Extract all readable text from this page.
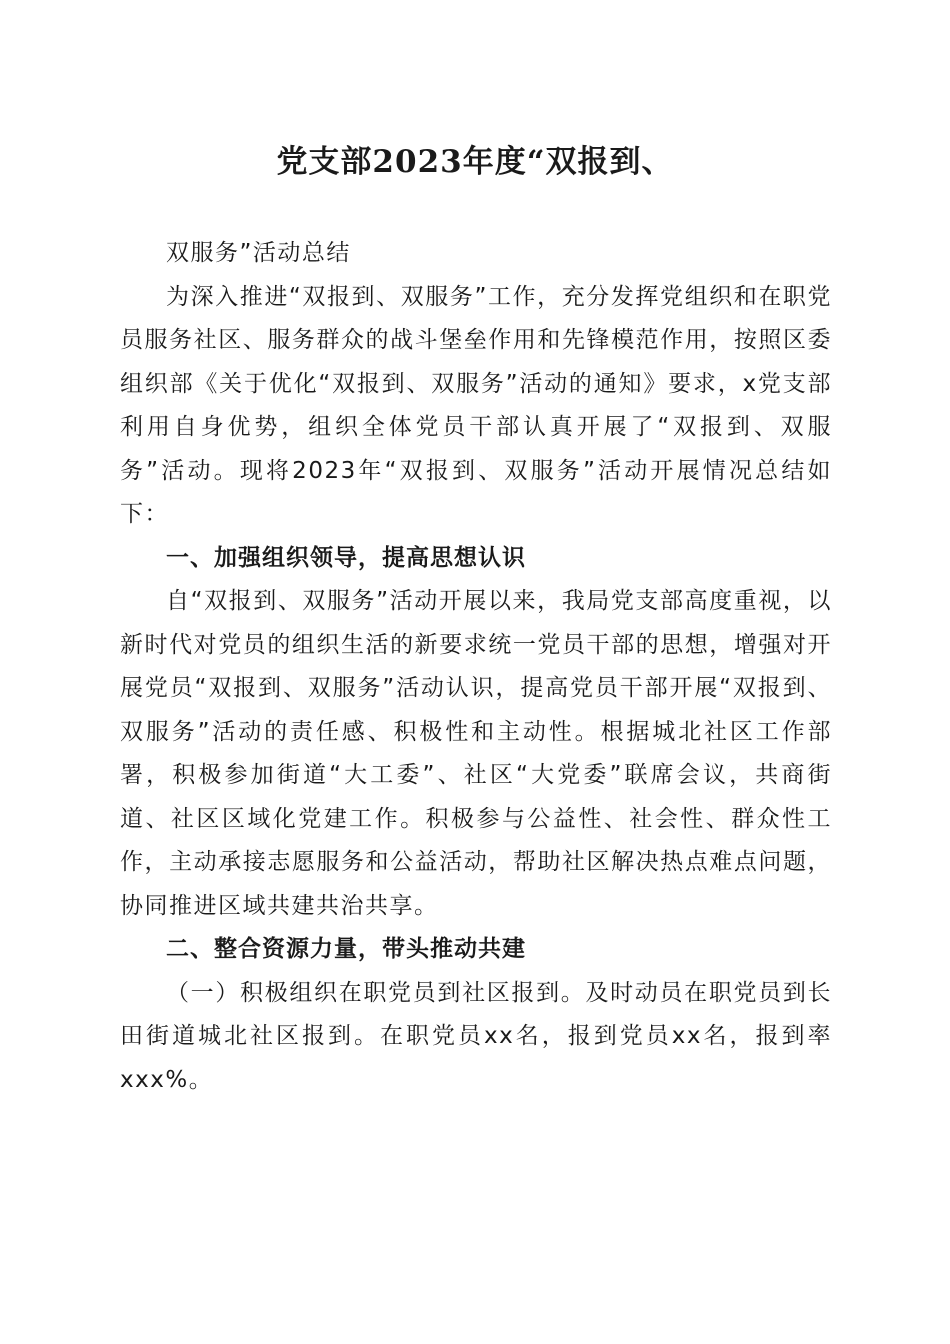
党支部2023年度“双报到、

双服务”活动总结

为深入推进“双报到、双服务”工作，充分发挥党组织和在职党员服务社区、服务群众的战斗堡垒作用和先锋模范作用，按照区委组织部《关于优化“双报到、双服务”活动的通知》要求，x党支部利用自身优势，组织全体党员干部认真开展了“双报到、双服务”活动。现将2023年“双报到、双服务”活动开展情况总结如下：

一、加强组织领导，提高思想认识

自“双报到、双服务”活动开展以来，我局党支部高度重视，以新时代对党员的组织生活的新要求统一党员干部的思想，增强对开展党员“双报到、双服务”活动认识，提高党员干部开展“双报到、双服务”活动的责任感、积极性和主动性。根据城北社区工作部署，积极参加街道“大工委”、社区“大党委”联席会议，共商街道、社区区域化党建工作。积极参与公益性、社会性、群众性工作，主动承接志愿服务和公益活动，帮助社区解决热点难点问题，协同推进区域共建共治共享。

二、整合资源力量，带头推动共建

（一）积极组织在职党员到社区报到。及时动员在职党员到长田街道城北社区报到。在职党员xx名，报到党员xx名，报到率xxx%。
